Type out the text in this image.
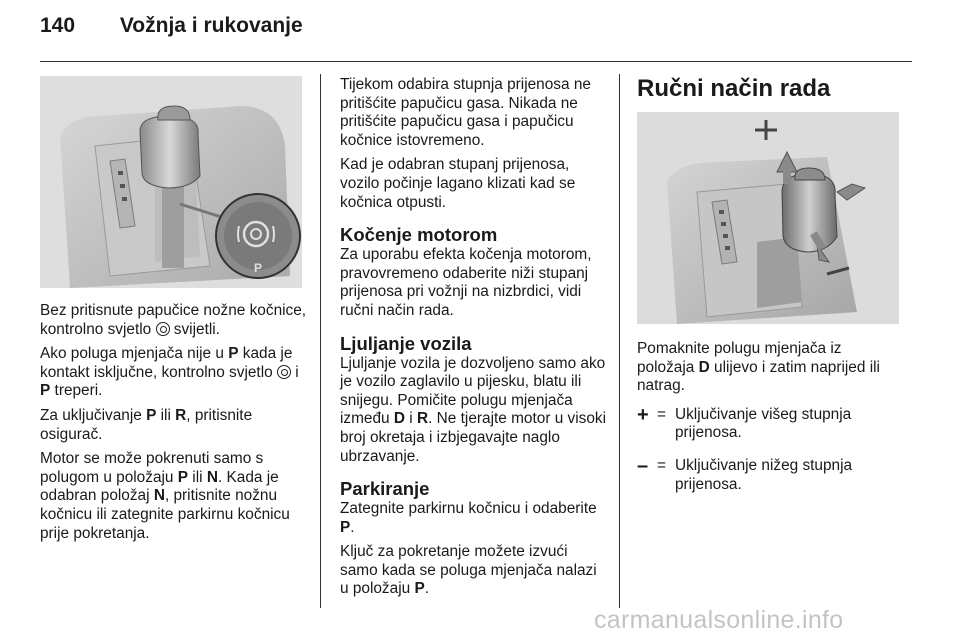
140 Vožnja i rukovanje
P

Bez pritisnute papučice nožne kočnice, kontrolno svjetlo  svijetli.

Ako poluga mjenjača nije u P kada je kontakt isključne, kontrolno svjetlo  i P treperi.

Za uključivanje P ili R, pritisnite osigurač.

Motor se može pokrenuti samo s polugom u položaju P ili N. Kada je odabran položaj N, pritisnite nožnu kočnicu ili zategnite parkirnu kočnicu prije pokretanja.

Tijekom odabira stupnja prijenosa ne pritišćite papučicu gasa. Nikada ne pritišćite papučicu gasa i papučicu kočnice istovremeno.

Kad je odabran stupanj prijenosa, vozilo počinje lagano klizati kad se kočnica otpusti.

Kočenje motorom

Za uporabu efekta kočenja motorom, pravovremeno odaberite niži stupanj prijenosa pri vožnji na nizbrdici, vidi ručni način rada.

Ljuljanje vozila

Ljuljanje vozila je dozvoljeno samo ako je vozilo zaglavilo u pijesku, blatu ili snijegu. Pomičite polugu mjenjača između D i R. Ne tjerajte motor u visoki broj okretaja i izbjegavajte naglo ubrzavanje.

Parkiranje

Zategnite parkirnu kočnicu i odaberite P.

Ključ za pokretanje možete izvući samo kada se poluga mjenjača nalazi u položaju P.

Ručni način rada

Pomaknite polugu mjenjača iz položaja D ulijevo i zatim naprijed ili natrag.

+ = Uključivanje višeg stupnja prijenosa.
– = Uključivanje nižeg stupnja prijenosa.
carmanualsonline.info
